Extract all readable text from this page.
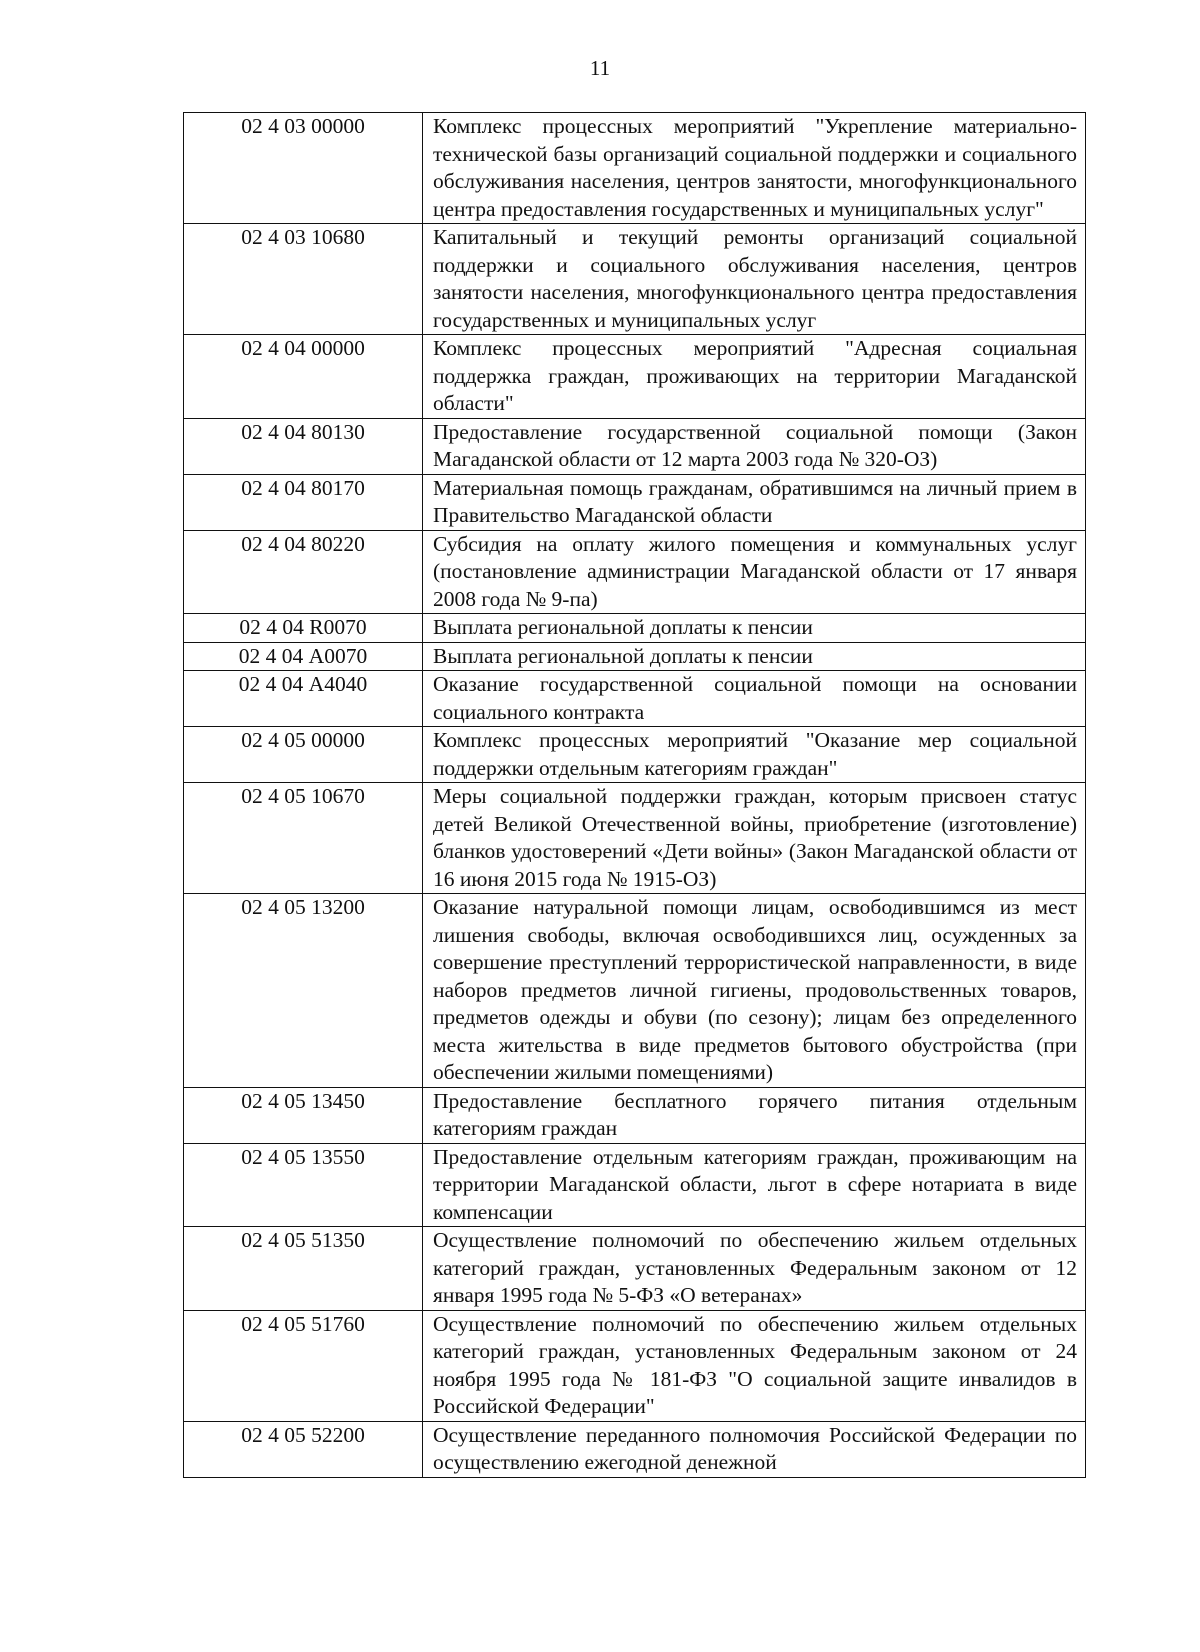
11
02 4 03 00000	Комплекс процессных мероприятий "Укрепление материально-технической базы организаций социальной поддержки и социального обслуживания населения, центров занятости, многофункционального центра предоставления государственных и муниципальных услуг"
02 4 03 10680	Капитальный и текущий ремонты организаций социальной поддержки и социального обслуживания населения, центров занятости населения, многофункционального центра предоставления государственных и муниципальных услуг
02 4 04 00000	Комплекс процессных мероприятий "Адресная социальная поддержка граждан, проживающих на территории Магаданской области"
02 4 04 80130	Предоставление государственной социальной помощи (Закон Магаданской области от 12 марта 2003 года № 320-ОЗ)
02 4 04 80170	Материальная помощь гражданам, обратившимся на личный прием в Правительство Магаданской области
02 4 04 80220	Субсидия на оплату жилого помещения и коммунальных услуг (постановление администрации Магаданской области от 17 января 2008 года № 9-па)
02 4 04 R0070	Выплата региональной доплаты к пенсии
02 4 04 А0070	Выплата региональной доплаты к пенсии
02 4 04 А4040	Оказание государственной социальной помощи на основании социального контракта
02 4 05 00000	Комплекс процессных мероприятий "Оказание мер социальной поддержки отдельным категориям граждан"
02 4 05 10670	Меры социальной поддержки граждан, которым присвоен статус детей Великой Отечественной войны, приобретение (изготовление) бланков удостоверений «Дети войны» (Закон Магаданской области от 16 июня 2015 года № 1915-ОЗ)
02 4 05 13200	Оказание натуральной помощи лицам, освободившимся из мест лишения свободы, включая освободившихся лиц, осужденных за совершение преступлений террористической направленности, в виде наборов предметов личной гигиены, продовольственных товаров, предметов одежды и обуви (по сезону); лицам без определенного места жительства в виде предметов бытового обустройства (при обеспечении жилыми помещениями)
02 4 05 13450	Предоставление бесплатного горячего питания отдельным категориям граждан
02 4 05 13550	Предоставление отдельным категориям граждан, проживающим на территории Магаданской области, льгот в сфере нотариата в виде компенсации
02 4 05 51350	Осуществление полномочий по обеспечению жильем отдельных категорий граждан, установленных Федеральным законом от 12 января 1995 года № 5-ФЗ «О ветеранах»
02 4 05 51760	Осуществление полномочий по обеспечению жильем отдельных категорий граждан, установленных Федеральным законом от 24 ноября 1995 года № 181-ФЗ "О социальной защите инвалидов в Российской Федерации"
02 4 05 52200	Осуществление переданного полномочия Российской Федерации по осуществлению ежегодной денежной
